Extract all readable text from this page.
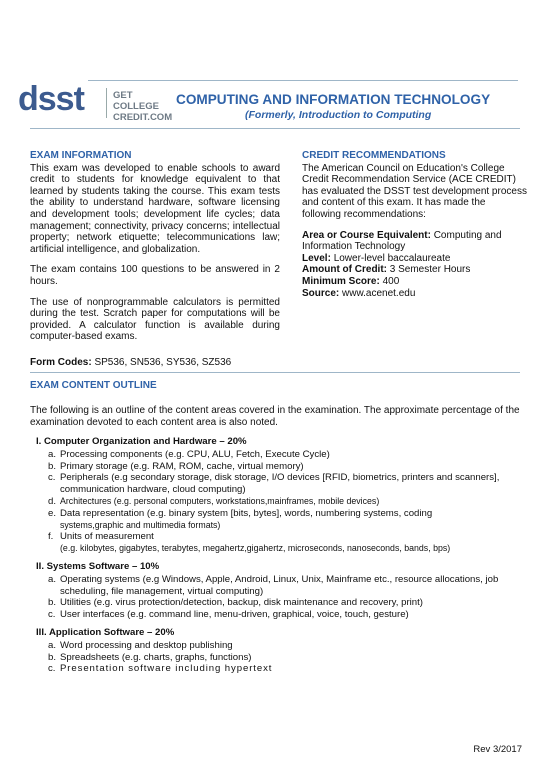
dsst	GET COLLEGE
CREDIT.COM
COMPUTING AND INFORMATION TECHNOLOGY
(Formerly, Introduction to Computing
EXAM INFORMATION

This exam was developed to enable schools to award credit to students for knowledge equivalent to that learned by students taking the course. This exam tests the ability to understand hardware, software licensing and development tools; development life cycles; data management; connectivity, privacy concerns; intellectual property; network etiquette; telecommunications law; artificial intelligence, and globalization.

The exam contains 100 questions to be answered in 2 hours.

The use of nonprogrammable calculators is permitted during the test. Scratch paper for computations will be provided. A calculator function is available during computer-based exams.

Form Codes: SP536, SN536, SY536, SZ536

CREDIT RECOMMENDATIONS

The American Council on Education's College Credit Recommendation Service (ACE CREDIT) has evaluated the DSST test development process and content of this exam. It has made the following recommendations:

Area or Course Equivalent: Computing and Information Technology
Level: Lower-level baccalaureate
Amount of Credit: 3 Semester Hours
Minimum Score: 400
Source: www.acenet.edu
EXAM CONTENT OUTLINE
The following is an outline of the content areas covered in the examination. The approximate percentage of the examination devoted to each content area is also noted.
I. Computer Organization and Hardware – 20%
a. Processing components (e.g. CPU, ALU, Fetch, Execute Cycle)
b. Primary storage (e.g. RAM, ROM, cache, virtual memory)
c. Peripherals (e.g secondary storage, disk storage, I/O devices [RFID, biometrics, printers and scanners],
communication hardware, cloud computing)
d. Architectures (e.g. personal computers, workstations,mainframes, mobile devices)
e. Data representation (e.g. binary system [bits, bytes], words, numbering systems, coding
systems,graphic and multimedia formats)
f. Units of measurement
(e.g. kilobytes, gigabytes, terabytes, megahertz,gigahertz, microseconds, nanoseconds, bands, bps)
II. Systems Software – 10%
a. Operating systems (e.g Windows, Apple, Android, Linux, Unix, Mainframe etc., resource allocations, job
scheduling, file management, virtual computing)
b. Utilities (e.g. virus protection/detection, backup, disk maintenance and recovery, print)
c. User interfaces (e.g. command line, menu-driven, graphical, voice, touch, gesture)
III. Application Software – 20%
a. Word processing and desktop publishing
b. Spreadsheets (e.g. charts, graphs, functions)
c. Presentation software including hypertext
Rev 3/2017
